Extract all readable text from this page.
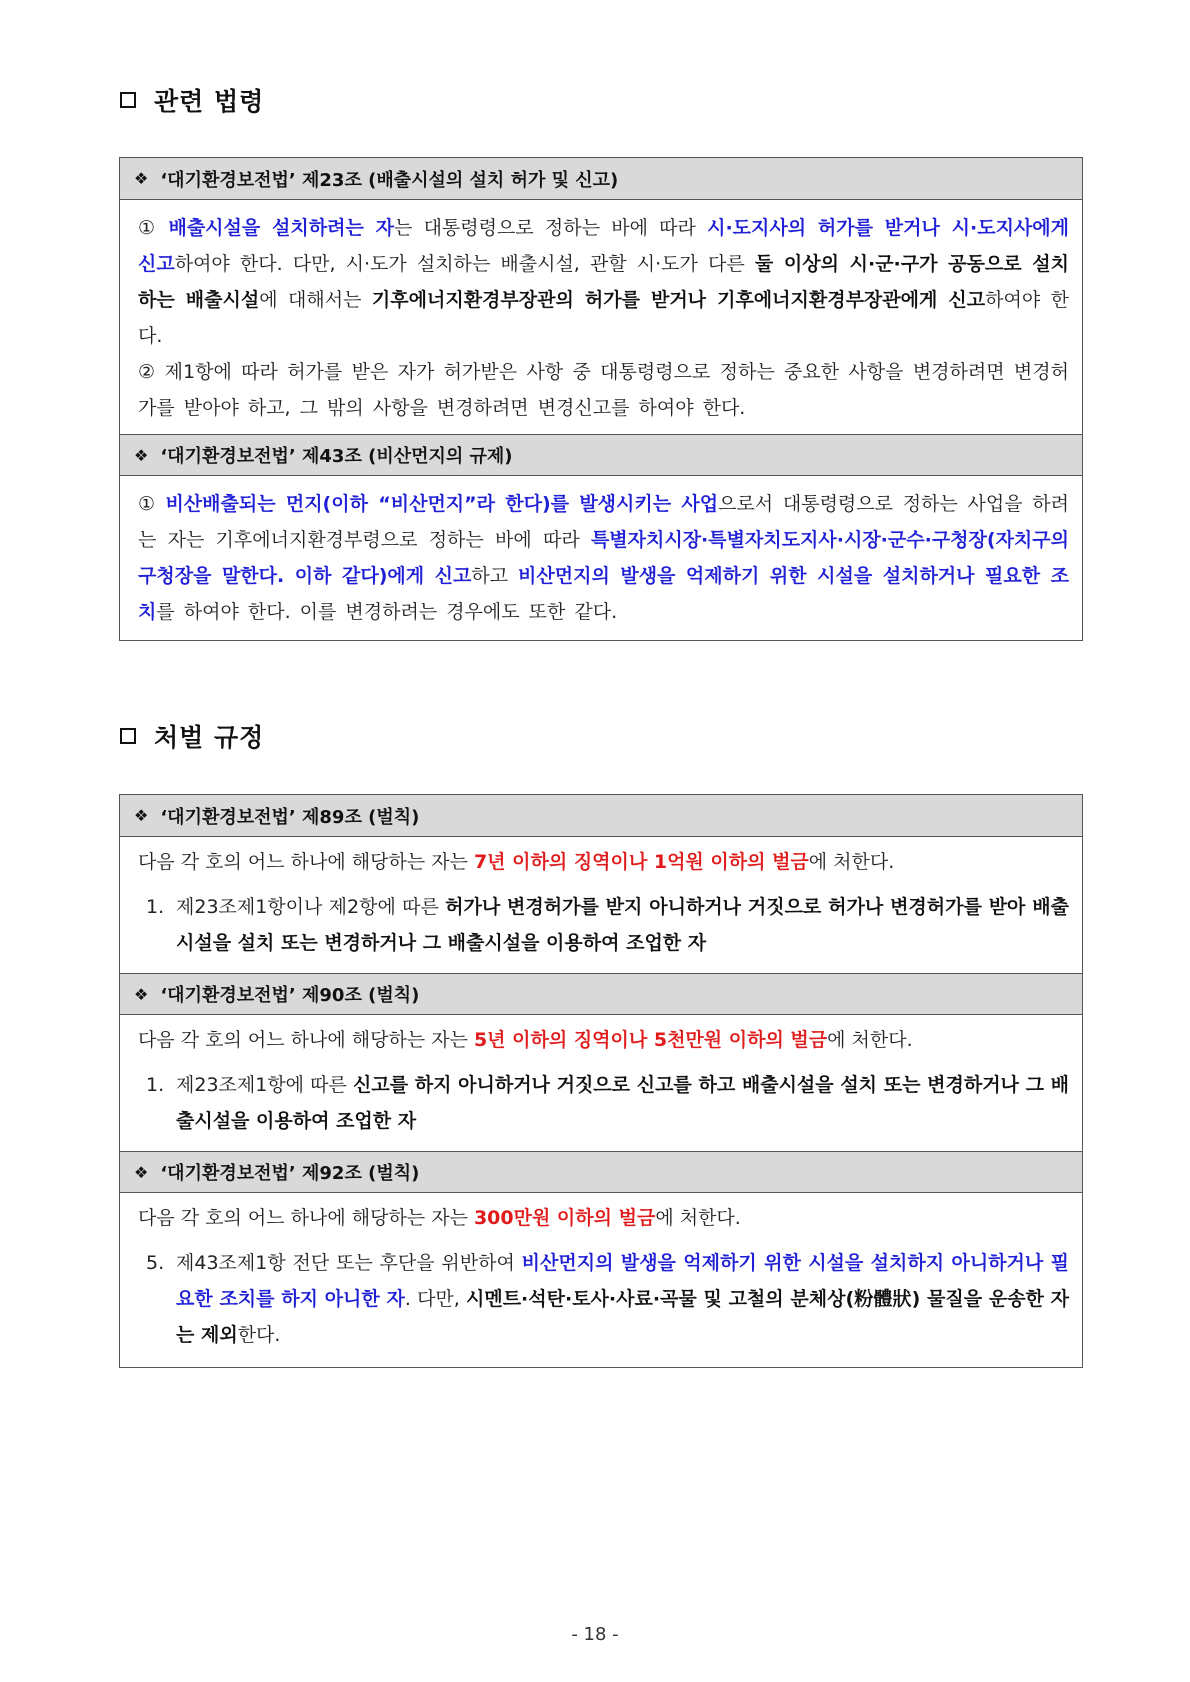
관련 법령
❖ ‘대기환경보전법’ 제23조 (배출시설의 설치 허가 및 신고)
① 배출시설을 설치하려는 자는 대통령령으로 정하는 바에 따라 시·도지사의 허가를 받거나 시·도지사에게 신고하여야 한다. 다만, 시·도가 설치하는 배출시설, 관할 시·도가 다른 둘 이상의 시·군·구가 공동으로 설치하는 배출시설에 대해서는 기후에너지환경부장관의 허가를 받거나 기후에너지환경부장관에게 신고하여야 한다.
② 제1항에 따라 허가를 받은 자가 허가받은 사항 중 대통령령으로 정하는 중요한 사항을 변경하려면 변경허가를 받아야 하고, 그 밖의 사항을 변경하려면 변경신고를 하여야 한다.
❖ ‘대기환경보전법’ 제43조 (비산먼지의 규제)
① 비산배출되는 먼지(이하 “비산먼지”라 한다)를 발생시키는 사업으로서 대통령령으로 정하는 사업을 하려는 자는 기후에너지환경부령으로 정하는 바에 따라 특별자치시장·특별자치도지사·시장·군수·구청장(자치구의 구청장을 말한다. 이하 같다)에게 신고하고 비산먼지의 발생을 억제하기 위한 시설을 설치하거나 필요한 조치를 하여야 한다. 이를 변경하려는 경우에도 또한 같다.
처벌 규정
❖ ‘대기환경보전법’ 제89조 (벌칙)
다음 각 호의 어느 하나에 해당하는 자는 7년 이하의 징역이나 1억원 이하의 벌금에 처한다.
1. 제23조제1항이나 제2항에 따른 허가나 변경허가를 받지 아니하거나 거짓으로 허가나 변경허가를 받아 배출시설을 설치 또는 변경하거나 그 배출시설을 이용하여 조업한 자
❖ ‘대기환경보전법’ 제90조 (벌칙)
다음 각 호의 어느 하나에 해당하는 자는 5년 이하의 징역이나 5천만원 이하의 벌금에 처한다.
1. 제23조제1항에 따른 신고를 하지 아니하거나 거짓으로 신고를 하고 배출시설을 설치 또는 변경하거나 그 배출시설을 이용하여 조업한 자
❖ ‘대기환경보전법’ 제92조 (벌칙)
다음 각 호의 어느 하나에 해당하는 자는 300만원 이하의 벌금에 처한다.
5. 제43조제1항 전단 또는 후단을 위반하여 비산먼지의 발생을 억제하기 위한 시설을 설치하지 아니하거나 필요한 조치를 하지 아니한 자. 다만, 시멘트·석탄·토사·사료·곡물 및 고철의 분체상(粉體狀) 물질을 운송한 자는 제외한다.
- 18 -
